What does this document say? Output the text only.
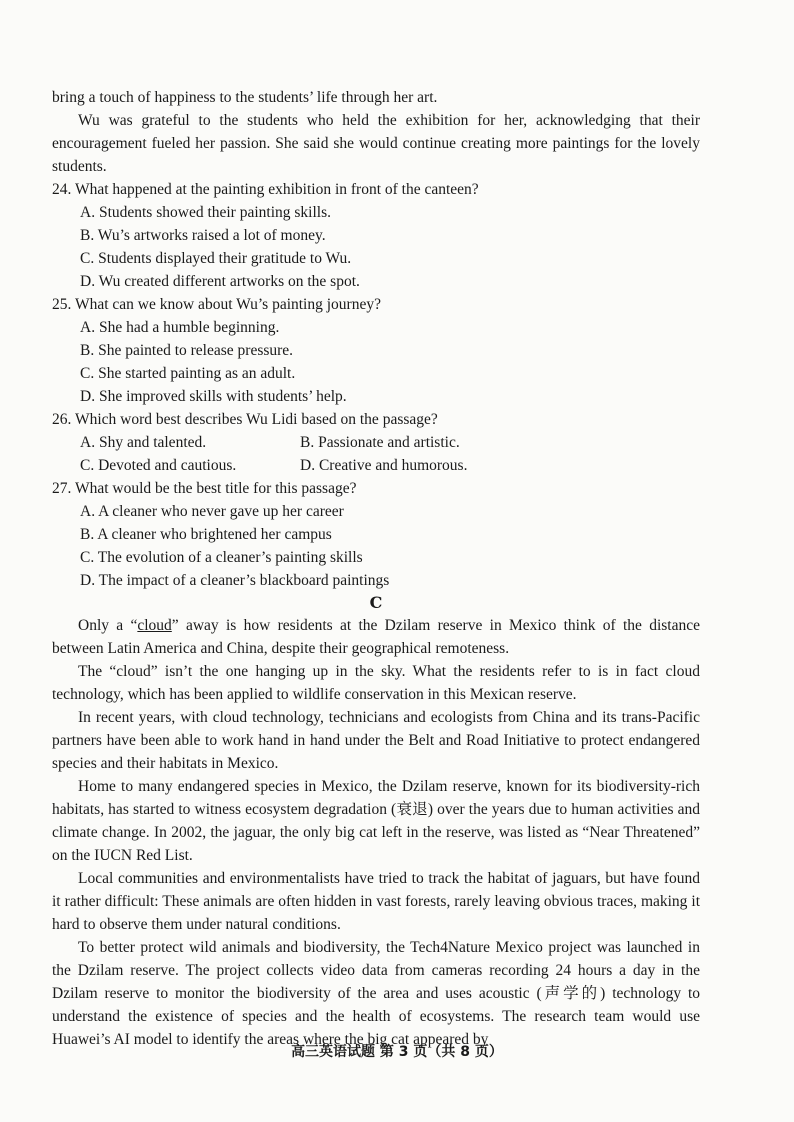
bring a touch of happiness to the students’ life through her art.

Wu was grateful to the students who held the exhibition for her, acknowledging that their encouragement fueled her passion. She said she would continue creating more paintings for the lovely students.

24. What happened at the painting exhibition in front of the canteen?

A. Students showed their painting skills.

B. Wu’s artworks raised a lot of money.

C. Students displayed their gratitude to Wu.

D. Wu created different artworks on the spot.

25. What can we know about Wu’s painting journey?

A. She had a humble beginning.

B. She painted to release pressure.

C. She started painting as an adult.

D. She improved skills with students’ help.

26. Which word best describes Wu Lidi based on the passage?

A. Shy and talented.	B. Passionate and artistic.
C. Devoted and cautious.	D. Creative and humorous.

27. What would be the best title for this passage?

A. A cleaner who never gave up her career

B. A cleaner who brightened her campus

C. The evolution of a cleaner’s painting skills

D. The impact of a cleaner’s blackboard paintings

C

Only a “cloud” away is how residents at the Dzilam reserve in Mexico think of the distance between Latin America and China, despite their geographical remoteness.

The “cloud” isn’t the one hanging up in the sky. What the residents refer to is in fact cloud technology, which has been applied to wildlife conservation in this Mexican reserve.

In recent years, with cloud technology, technicians and ecologists from China and its trans-Pacific partners have been able to work hand in hand under the Belt and Road Initiative to protect endangered species and their habitats in Mexico.

Home to many endangered species in Mexico, the Dzilam reserve, known for its biodiversity-rich habitats, has started to witness ecosystem degradation (衰退) over the years due to human activities and climate change. In 2002, the jaguar, the only big cat left in the reserve, was listed as “Near Threatened” on the IUCN Red List.

Local communities and environmentalists have tried to track the habitat of jaguars, but have found it rather difficult: These animals are often hidden in vast forests, rarely leaving obvious traces, making it hard to observe them under natural conditions.

To better protect wild animals and biodiversity, the Tech4Nature Mexico project was launched in the Dzilam reserve. The project collects video data from cameras recording 24 hours a day in the Dzilam reserve to monitor the biodiversity of the area and uses acoustic (声学的) technology to understand the existence of species and the health of ecosystems. The research team would use Huawei’s AI model to identify the areas where the big cat appeared by

高三英语试题 第 3 页（共 8 页）
